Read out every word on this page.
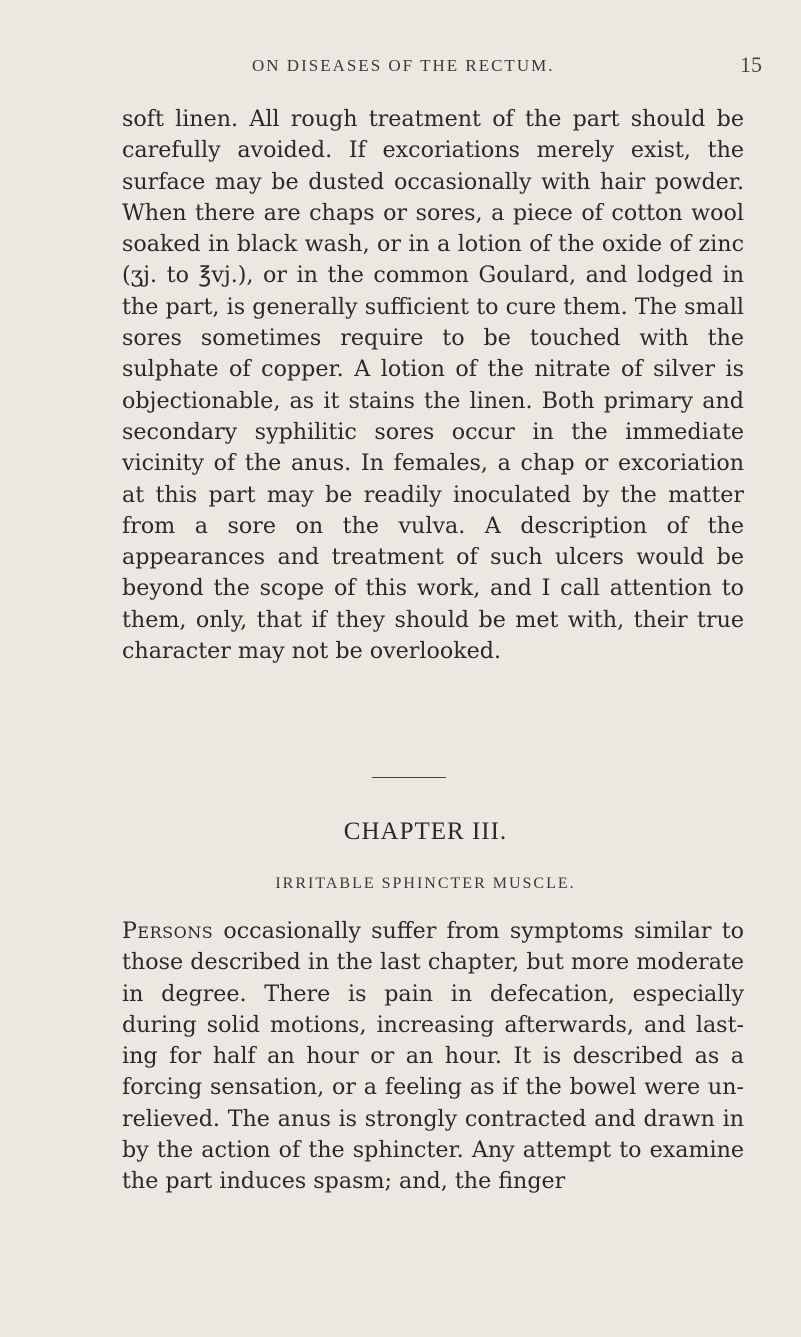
ON DISEASES OF THE RECTUM.	15

soft linen. All rough treatment of the part should be carefully avoided. If excoriations merely exist, the surface may be dusted occasionally with hair powder. When there are chaps or sores, a piece of cotton wool soaked in black wash, or in a lotion of the oxide of zinc (ʒj. to ℥vj.), or in the common Goulard, and lodged in the part, is generally sufficient to cure them. The small sores sometimes require to be touched with the sulphate of copper. A lotion of the nitrate of silver is objectionable, as it stains the linen. Both primary and secondary syphilitic sores occur in the immediate vicinity of the anus. In females, a chap or excoriation at this part may be readily inoculated by the matter from a sore on the vulva. A description of the appearances and treatment of such ulcers would be beyond the scope of this work, and I call attention to them, only, that if they should be met with, their true character may not be overlooked.

CHAPTER III.
IRRITABLE SPHINCTER MUSCLE.

Persons occasionally suffer from symptoms similar to those described in the last chapter, but more moderate in degree. There is pain in defecation, especially during solid motions, increasing afterwards, and lasting for half an hour or an hour. It is described as a forcing sensation, or a feeling as if the bowel were unrelieved. The anus is strongly contracted and drawn in by the action of the sphincter. Any attempt to examine the part induces spasm; and, the finger
